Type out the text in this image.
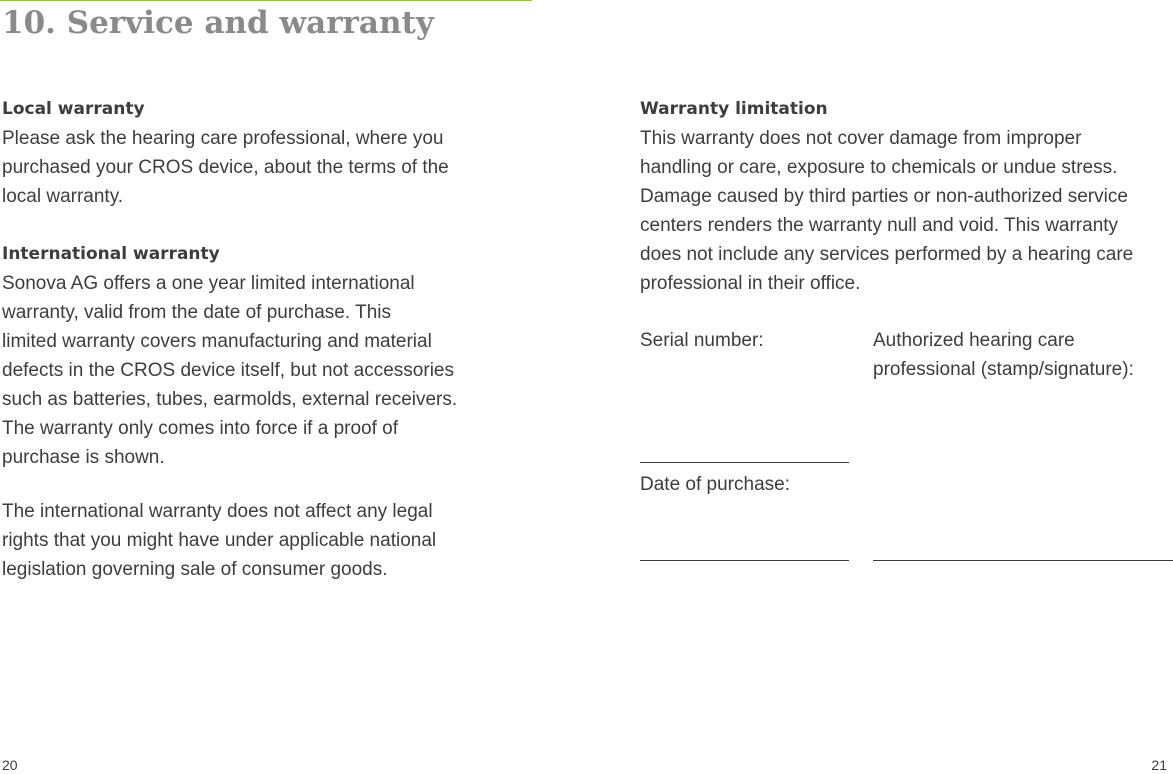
10. Service and warranty
Local warranty

Please ask the hearing care professional, where you
purchased your CROS device, about the terms of the
local warranty.

International warranty

Sonova AG offers a one year limited international
warranty, valid from the date of purchase. This
limited warranty covers manufacturing and material
defects in the CROS device itself, but not accessories
such as batteries, tubes, earmolds, external receivers.
The warranty only comes into force if a proof of
purchase is shown.

The international warranty does not affect any legal
rights that you might have under applicable national
legislation governing sale of consumer goods.

Warranty limitation

This warranty does not cover damage from improper
handling or care, exposure to chemicals or undue stress.
Damage caused by third parties or non-authorized service
centers renders the warranty null and void. This warranty
does not include any services performed by a hearing care
professional in their office.

Serial number:
Date of purchase:
Authorized hearing care
professional (stamp/signature):
20	21
